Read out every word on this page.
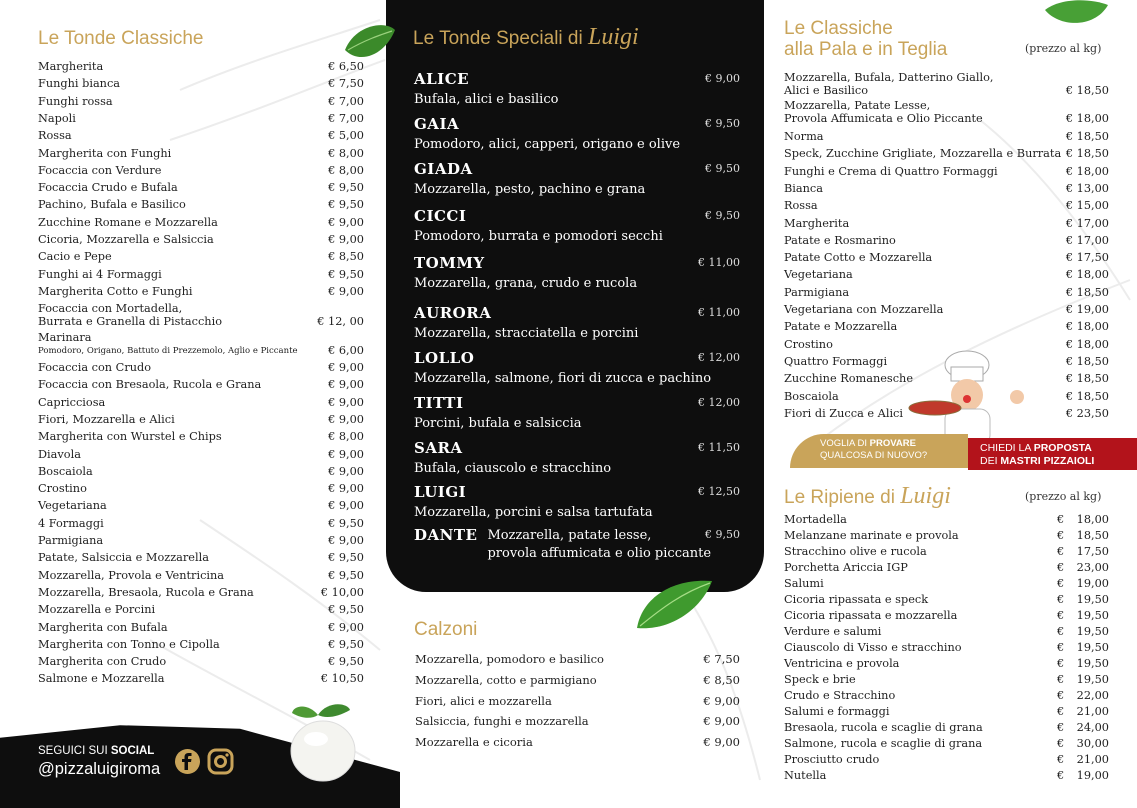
Le Tonde Classiche
Margherita	€ 6,50
Funghi bianca	€ 7,50
Funghi rossa	€ 7,00
Napoli	€ 7,00
Rossa	€ 5,00
Margherita con Funghi	€ 8,00
Focaccia con Verdure	€ 8,00
Focaccia Crudo e Bufala	€ 9,50
Pachino, Bufala e Basilico	€ 9,50
Zucchine Romane e Mozzarella	€ 9,00
Cicoria, Mozzarella e Salsiccia	€ 9,00
Cacio e Pepe	€ 8,50
Funghi ai 4 Formaggi	€ 9,50
Margherita Cotto e Funghi	€ 9,00
Focaccia con Mortadella,
Burrata e Granella di Pistacchio	€ 12, 00
Marinara
Pomodoro, Origano, Battuto di Prezzemolo, Aglio e Piccante	€ 6,00
Focaccia con Crudo	€ 9,00
Focaccia con Bresaola, Rucola e Grana	€ 9,00
Capricciosa	€ 9,00
Fiori, Mozzarella e Alici	€ 9,00
Margherita con Wurstel e Chips	€ 8,00
Diavola	€ 9,00
Boscaiola	€ 9,00
Crostino	€ 9,00
Vegetariana	€ 9,00
4 Formaggi	€ 9,50
Parmigiana	€ 9,00
Patate, Salsiccia e Mozzarella	€ 9,50
Mozzarella, Provola e Ventricina	€ 9,50
Mozzarella, Bresaola, Rucola e Grana	€ 10,00
Mozzarella e Porcini	€ 9,50
Margherita con Bufala	€ 9,00
Margherita con Tonno e Cipolla	€ 9,50
Margherita con Crudo	€ 9,50
Salmone e Mozzarella	€ 10,50
SEGUICI SUI SOCIAL
@pizzaluigiroma
Le Tonde Speciali di Luigi
ALICE
Bufala, alici e basilico
€ 9,00
GAIA
Pomodoro, alici, capperi, origano e olive
€ 9,50
GIADA
Mozzarella, pesto, pachino e grana
€ 9,50
CICCI
Pomodoro, burrata e pomodori secchi
€ 9,50
TOMMY
Mozzarella, grana, crudo e rucola
€ 11,00
AURORA
Mozzarella, stracciatella e porcini
€ 11,00
LOLLO
Mozzarella, salmone, fiori di zucca e pachino
€ 12,00
TITTI
Porcini, bufala e salsiccia
€ 12,00
SARA
Bufala, ciauscolo e stracchino
€ 11,50
LUIGI
Mozzarella, porcini e salsa tartufata
€ 12,50
DANTE Mozzarella, patate lesse,
provola affumicata e olio piccante
€ 9,50
Calzoni
Mozzarella, pomodoro e basilico	€ 7,50
Mozzarella, cotto e parmigiano	€ 8,50
Fiori, alici e mozzarella	€ 9,00
Salsiccia, funghi e mozzarella	€ 9,00
Mozzarella e cicoria	€ 9,00
Le Classiche
alla Pala e in Teglia	(prezzo al kg)
Mozzarella, Bufala, Datterino Giallo,
Alici e Basilico	€ 18,50
Mozzarella, Patate Lesse,
Provola Affumicata e Olio Piccante	€ 18,00
Norma	€ 18,50
Speck, Zucchine Grigliate, Mozzarella e Burrata € 18,50
Funghi e Crema di Quattro Formaggi	€ 18,00
Bianca	€ 13,00
Rossa	€ 15,00
Margherita	€ 17,00
Patate e Rosmarino	€ 17,00
Patate Cotto e Mozzarella	€ 17,50
Vegetariana	€ 18,00
Parmigiana	€ 18,50
Vegetariana con Mozzarella	€ 19,00
Patate e Mozzarella	€ 18,00
Crostino	€ 18,00
Quattro Formaggi	€ 18,50
Zucchine Romanesche	€ 18,50
Boscaiola	€ 18,50
Fiori di Zucca e Alici	€ 23,50
VOGLIA DI PROVARE
QUALCOSA DI NUOVO?
CHIEDI LA PROPOSTA
DEI MASTRI PIZZAIOLI
Le Ripiene di Luigi	(prezzo al kg)
Mortadella	€ 18,00
Melanzane marinate e provola	€ 18,50
Stracchino olive e rucola	€ 17,50
Porchetta Ariccia IGP	€ 23,00
Salumi	€ 19,00
Cicoria ripassata e speck	€ 19,50
Cicoria ripassata e mozzarella	€ 19,50
Verdure e salumi	€ 19,50
Ciauscolo di Visso e stracchino	€ 19,50
Ventricina e provola	€ 19,50
Speck e brie	€ 19,50
Crudo e Stracchino	€ 22,00
Salumi e formaggi	€ 21,00
Bresaola, rucola e scaglie di grana	€ 24,00
Salmone, rucola e scaglie di grana	€ 30,00
Prosciutto crudo	€ 21,00
Nutella	€ 19,00
